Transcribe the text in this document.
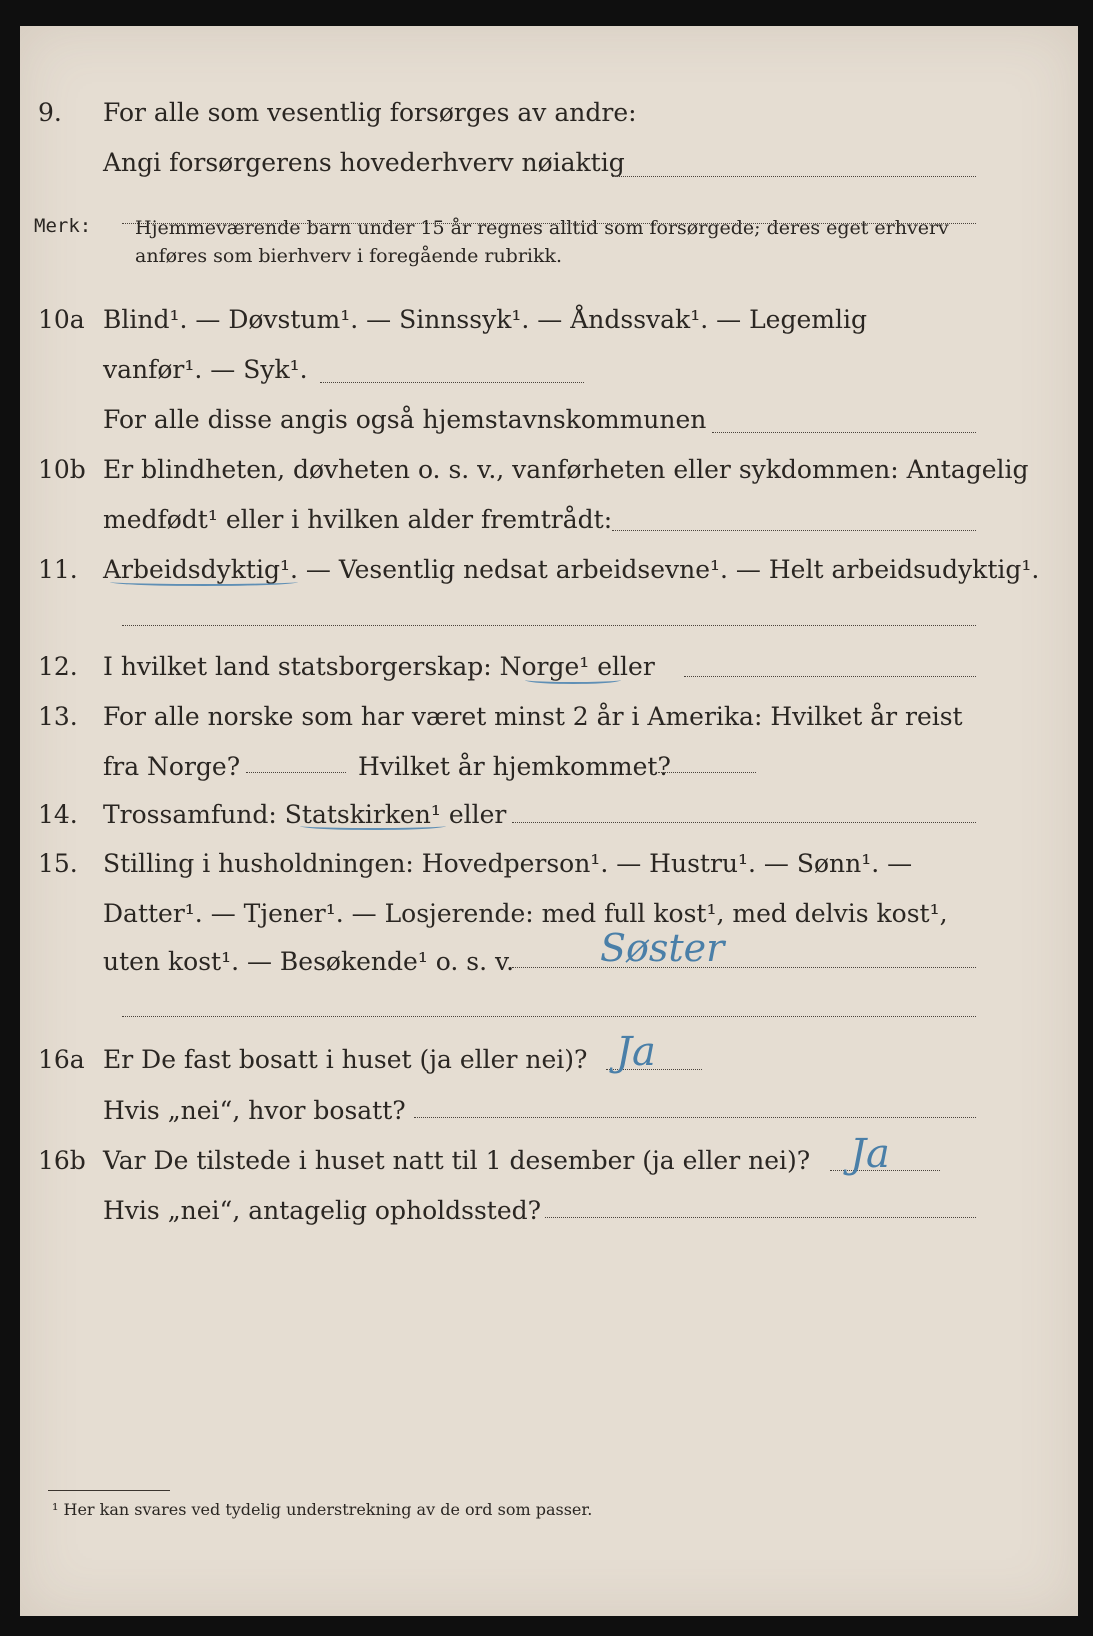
9. For alle som vesentlig forsørges av andre:
Angi forsørgerens hovederhverv nøiaktig
Merk: Hjemmeværende barn under 15 år regnes alltid som forsørgede; deres eget erhverv anføres som bierhverv i foregående rubrikk.
10a Blind¹. — Døvstum¹. — Sinnssyk¹. — Åndssvak¹. — Legemlig
vanfør¹. — Syk¹.
For alle disse angis også hjemstavnskommunen
10b Er blindheten, døvheten o. s. v., vanførheten eller sykdommen: Antagelig
medfødt¹ eller i hvilken alder fremtrådt:
11. Arbeidsdyktig¹. — Vesentlig nedsat arbeidsevne¹. — Helt arbeidsudyktig¹.
12. I hvilket land statsborgerskap: Norge¹ eller
13. For alle norske som har været minst 2 år i Amerika: Hvilket år reist
fra Norge?	Hvilket år hjemkommet?
14. Trossamfund: Statskirken¹ eller
15. Stilling i husholdningen: Hovedperson¹. — Hustru¹. — Sønn¹. —
Datter¹. — Tjener¹. — Losjerende: med full kost¹, med delvis kost¹,
uten kost¹. — Besøkende¹ o. s. v. Søster
16a Er De fast bosatt i huset (ja eller nei)? Ja
Hvis „nei“, hvor bosatt?
16b Var De tilstede i huset natt til 1 desember (ja eller nei)? Ja
Hvis „nei“, antagelig opholdssted?
¹ Her kan svares ved tydelig understrekning av de ord som passer.
